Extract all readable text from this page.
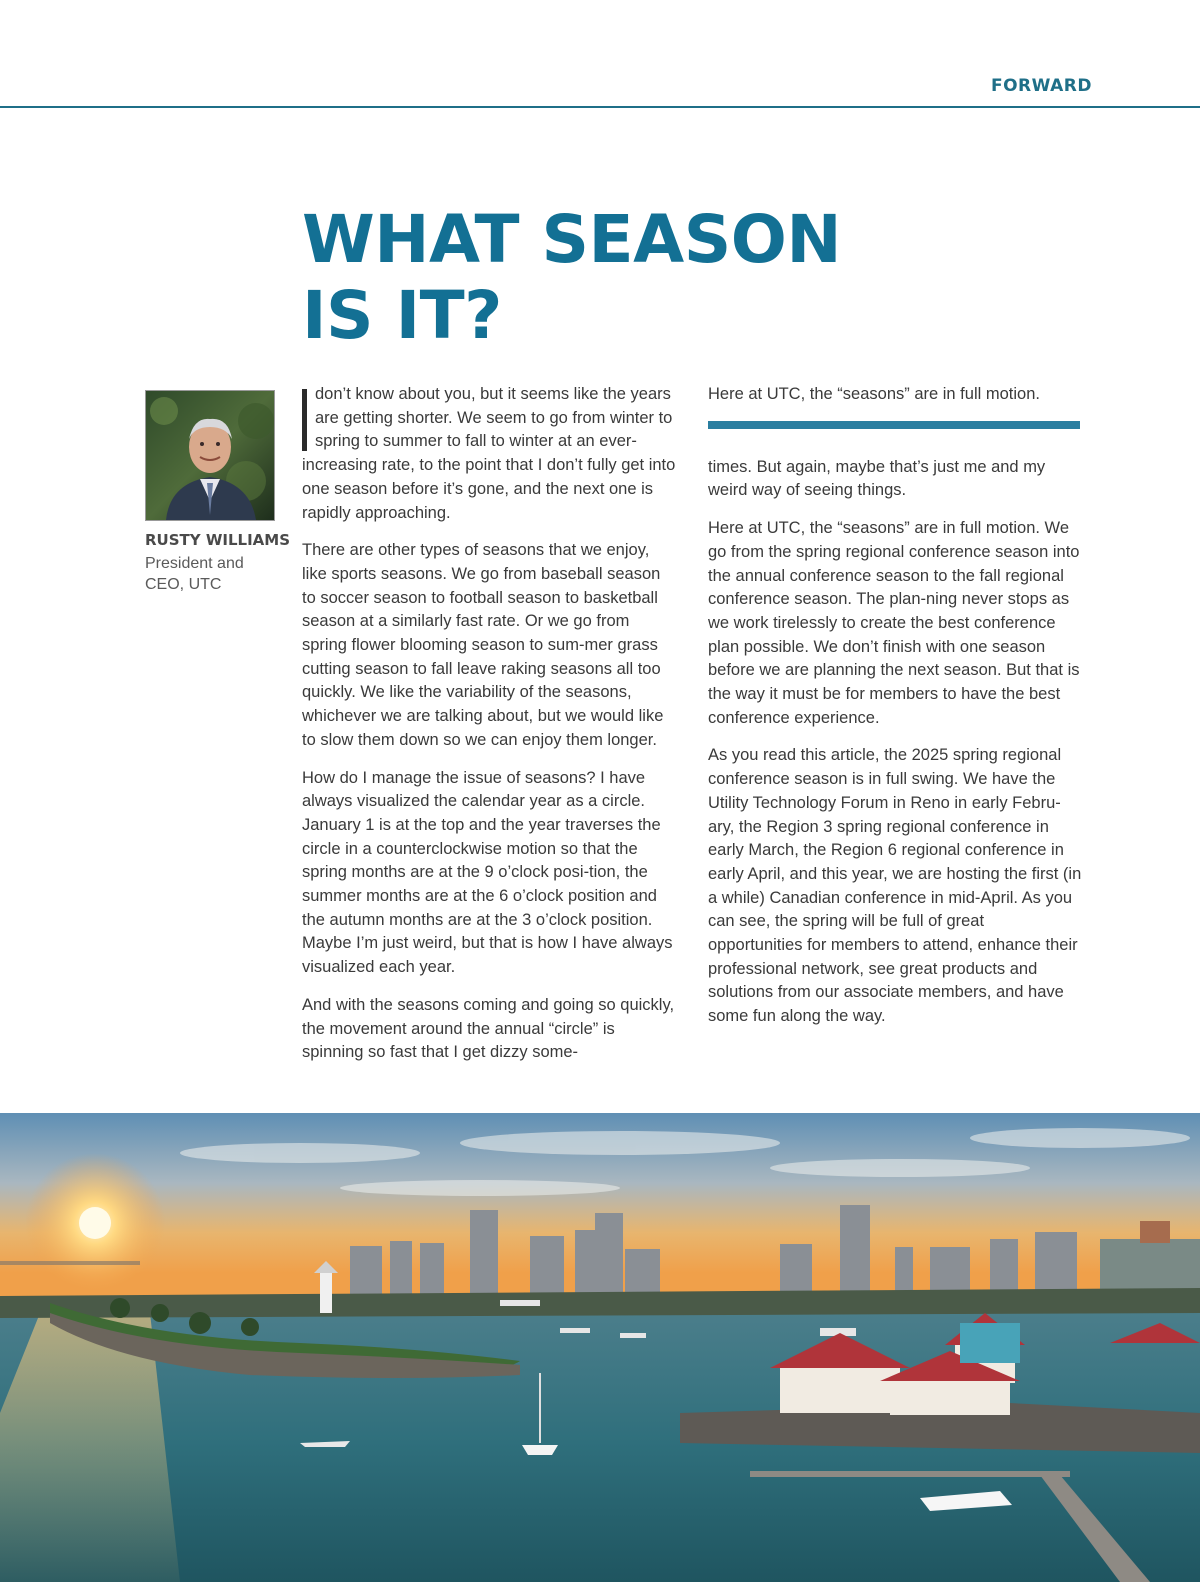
FORWARD
WHAT SEASON
IS IT?
RUSTY WILLIAMS
President and
CEO, UTC

don’t know about you, but it seems like the years are getting shorter. We seem to go from winter to spring to summer to fall to winter at an ever-increasing rate, to the point that I don’t fully get into one season before it’s gone, and the next one is rapidly approaching.

There are other types of seasons that we enjoy, like sports seasons. We go from baseball season to soccer season to football season to basketball season at a similarly fast rate. Or we go from spring flower blooming season to sum-mer grass cutting season to fall leave raking seasons all too quickly. We like the variability of the seasons, whichever we are talking about, but we would like to slow them down so we can enjoy them longer.

How do I manage the issue of seasons? I have always visualized the calendar year as a circle. January 1 is at the top and the year traverses the circle in a counterclockwise motion so that the spring months are at the 9 o’clock posi-tion, the summer months are at the 6 o’clock position and the autumn months are at the 3 o’clock position. Maybe I’m just weird, but that is how I have always visualized each year.

And with the seasons coming and going so quickly, the movement around the annual “circle” is spinning so fast that I get dizzy some-

Here at UTC, the “seasons” are in full motion.

times. But again, maybe that’s just me and my weird way of seeing things.

Here at UTC, the “seasons” are in full motion. We go from the spring regional conference season into the annual conference season to the fall regional conference season. The plan-ning never stops as we work tirelessly to create the best conference plan possible. We don’t finish with one season before we are planning the next season. But that is the way it must be for members to have the best conference experience.

As you read this article, the 2025 spring regional conference season is in full swing. We have the Utility Technology Forum in Reno in early Febru-ary, the Region 3 spring regional conference in early March, the Region 6 regional conference in early April, and this year, we are hosting the first (in a while) Canadian conference in mid-April. As you can see, the spring will be full of great opportunities for members to attend, enhance their professional network, see great products and solutions from our associate members, and have some fun along the way.
